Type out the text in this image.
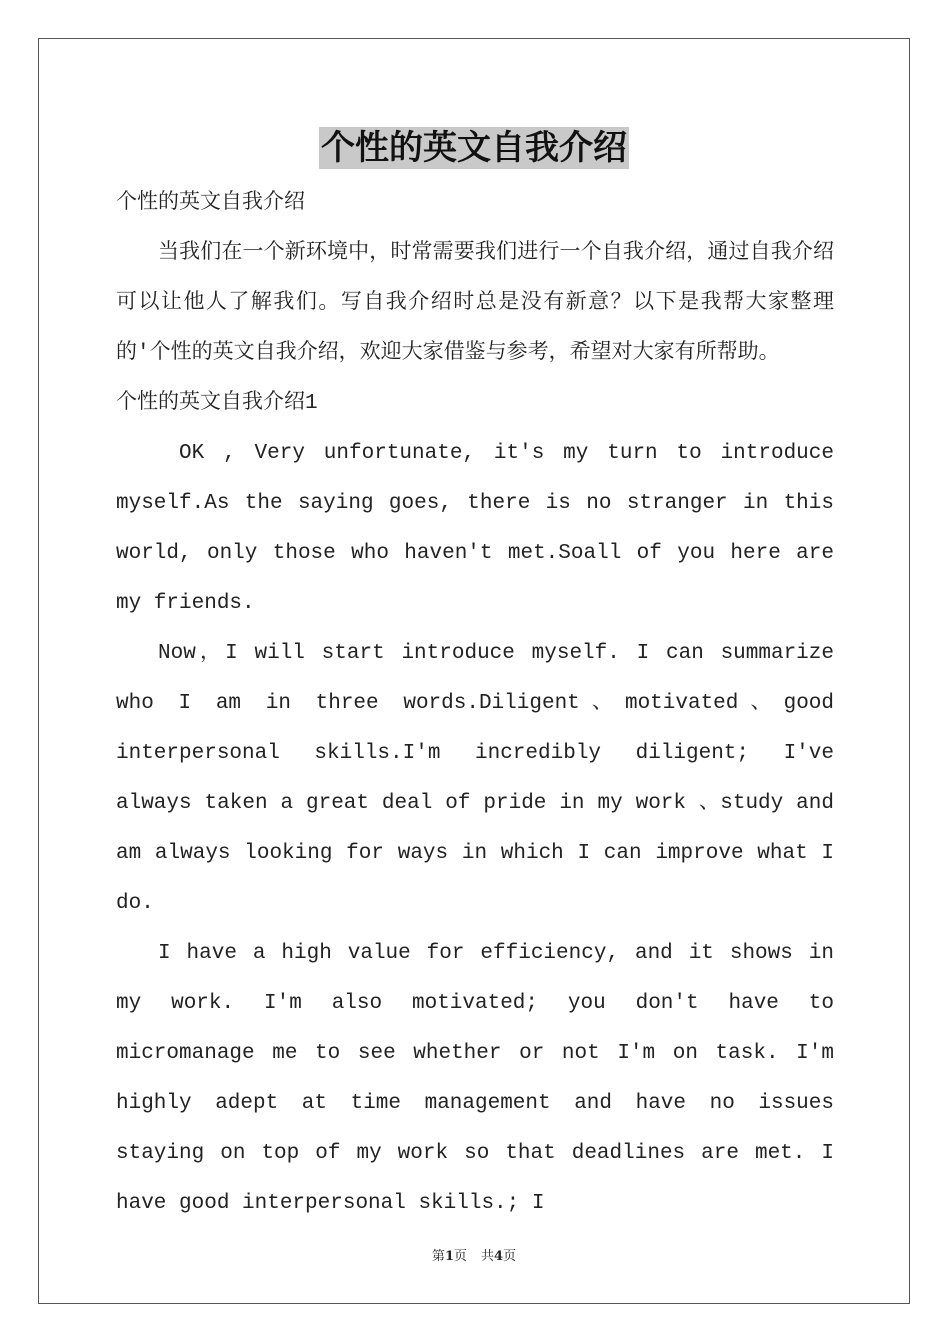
个性的英文自我介绍

个性的英文自我介绍

当我们在一个新环境中，时常需要我们进行一个自我介绍，通过自我介绍可以让他人了解我们。写自我介绍时总是没有新意？以下是我帮大家整理的'个性的英文自我介绍，欢迎大家借鉴与参考，希望对大家有所帮助。

个性的英文自我介绍1

OK , Very unfortunate, it's my turn to introduce myself.As the saying goes, there is no stranger in this world, only those who haven't met.Soall of you here are my friends.

Now，I will start introduce myself. I can summarize who I am in three words.Diligent、motivated、good interpersonal skills.I'm incredibly diligent; I've always taken a great deal of pride in my work 、study and am always looking for ways in which I can improve what I do.

I have a high value for efficiency, and it shows in my work. I'm also motivated; you don't have to micromanage me to see whether or not I'm on task. I'm highly adept at time management and have no issues staying on top of my work so that deadlines are met. I have good interpersonal skills.; I

第1页 共4页
